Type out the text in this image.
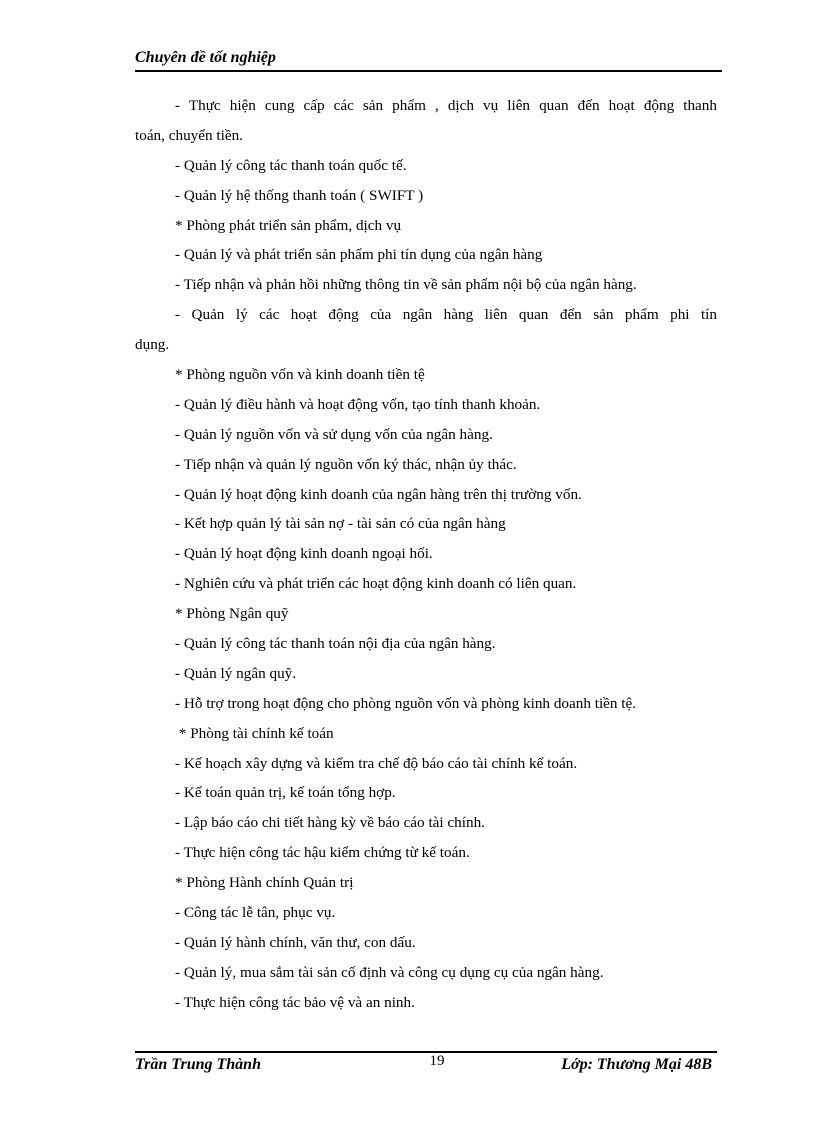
Chuyên đề tốt nghiệp
- Thực hiện cung cấp các sản phẩm , dịch vụ liên quan đến hoạt động thanh
toán, chuyển tiền.
- Quản lý công tác thanh toán quốc tế.
- Quản lý hệ thống thanh toán ( SWIFT )
* Phòng phát triển sản phẩm, dịch vụ
- Quản lý và phát triển sản phẩm phi tín dụng của ngân hàng
- Tiếp nhận và phản hồi những thông tin về sản phẩm nội bộ của ngân hàng.
- Quản lý các hoạt động của ngân hàng liên quan đến sản phẩm phi tín
dụng.
* Phòng nguồn vốn và kinh doanh tiền tệ
- Quản lý điều hành và hoạt động vốn, tạo tính thanh khoản.
- Quản lý nguồn vốn và sử dụng vốn của ngân hàng.
- Tiếp nhận và quản lý nguồn vốn ký thác, nhận ủy thác.
- Quản lý hoạt động kinh doanh của ngân hàng trên thị trường vốn.
- Kết hợp quản lý tài sản nợ - tài sản có của ngân hàng
- Quản lý hoạt động kinh doanh ngoại hối.
- Nghiên cứu và phát triển các hoạt động kinh doanh có liên quan.
* Phòng Ngân quỹ
- Quản lý công tác thanh toán nội địa của ngân hàng.
- Quản lý ngân quỹ.
- Hỗ trợ trong hoạt động cho phòng nguồn vốn và phòng kinh doanh tiền tệ.
* Phòng tài chính kế toán
- Kế hoạch xây dựng và kiểm tra chế độ báo cáo tài chính kế toán.
- Kế toán quản trị, kế toán tổng hợp.
- Lập báo cáo chi tiết hàng kỳ về báo cáo tài chính.
- Thực hiện công tác hậu kiểm chứng từ kế toán.
* Phòng Hành chính Quản trị
- Công tác lễ tân, phục vụ.
- Quản lý hành chính, văn thư, con dấu.
- Quản lý, mua sắm tài sản cố định và công cụ dụng cụ của ngân hàng.
- Thực hiện công tác bảo vệ và an ninh.
Trần Trung Thành	19	Lớp: Thương Mại 48B
